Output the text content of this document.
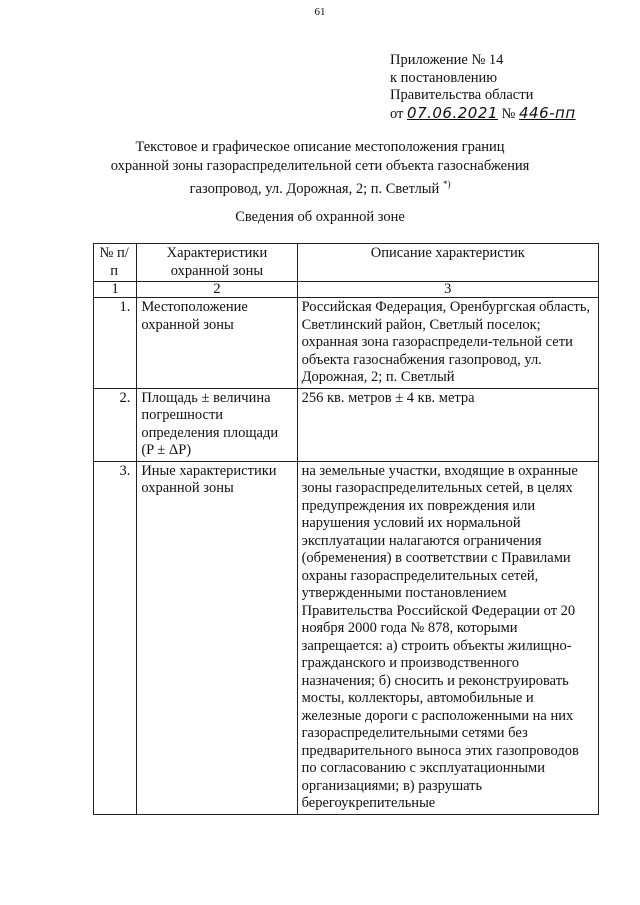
61
Приложение № 14
к постановлению
Правительства области
от 07.06.2021 № 446-пп
Текстовое и графическое описание местоположения границ
охранной зоны газораспределительной сети объекта газоснабжения
газопровод, ул. Дорожная, 2; п. Светлый *)
Сведения об охранной зоне
№ п/п	Характеристики охранной зоны	Описание характеристик
1	2	3
1.	Местоположение охранной зоны	Российская Федерация, Оренбургская область, Светлинский район, Светлый поселок; охранная зона газораспредели-тельной сети объекта газоснабжения газопровод, ул. Дорожная, 2; п. Светлый
2.	Площадь ± величина погрешности определения площади (P ± ΔP)	256 кв. метров ± 4 кв. метра
3.	Иные характеристики охранной зоны	на земельные участки, входящие в охранные зоны газораспределительных сетей, в целях предупреждения их повреждения или нарушения условий их нормальной эксплуатации налагаются ограничения (обременения) в соответствии с Правилами охраны газораспределительных сетей, утвержденными постановлением Правительства Российской Федерации от 20 ноября 2000 года № 878, которыми запрещается: а) строить объекты жилищно-гражданского и производственного назначения; б) сносить и реконструировать мосты, коллекторы, автомобильные и железные дороги с расположенными на них газораспределительными сетями без предварительного выноса этих газопроводов по согласованию с эксплуатационными организациями; в) разрушать берегоукрепительные
